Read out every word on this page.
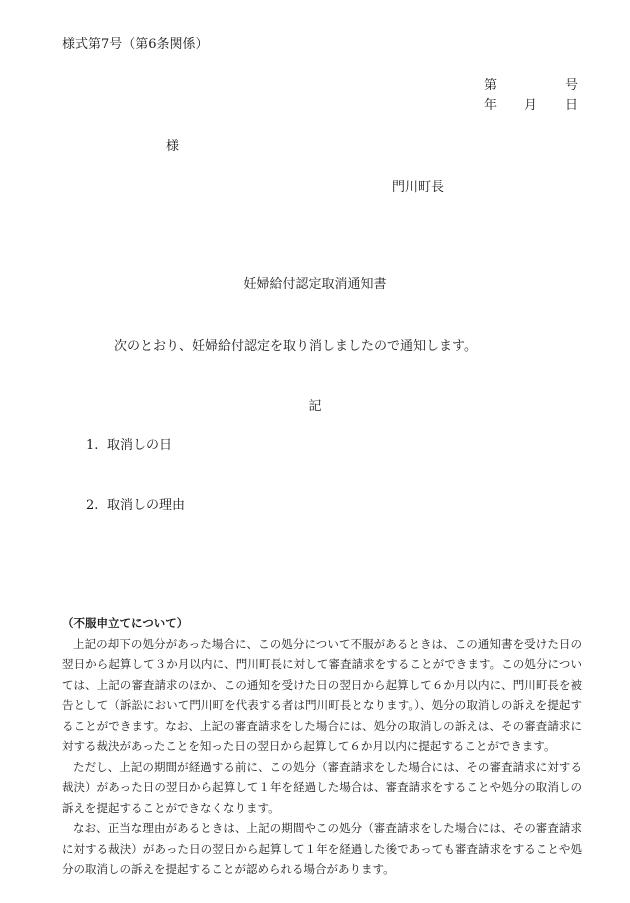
様式第7号（第6条関係）
第	号
年	月	日
様
門川町長
妊婦給付認定取消通知書
次のとおり、妊婦給付認定を取り消しましたので通知します。
記
1. 取消しの日
2. 取消しの理由
（不服申立てについて）

上記の却下の処分があった場合に、この処分について不服があるときは、この通知書を受けた日の翌日から起算して３か月以内に、門川町長に対して審査請求をすることができます。この処分については、上記の審査請求のほか、この通知を受けた日の翌日から起算して６か月以内に、門川町長を被告として（訴訟において門川町を代表する者は門川町長となります。）、処分の取消しの訴えを提起することができます。なお、上記の審査請求をした場合には、処分の取消しの訴えは、その審査請求に対する裁決があったことを知った日の翌日から起算して６か月以内に提起することができます。

ただし、上記の期間が経過する前に、この処分（審査請求をした場合には、その審査請求に対する裁決）があった日の翌日から起算して１年を経過した場合は、審査請求をすることや処分の取消しの訴えを提起することができなくなります。

なお、正当な理由があるときは、上記の期間やこの処分（審査請求をした場合には、その審査請求に対する裁決）があった日の翌日から起算して１年を経過した後であっても審査請求をすることや処分の取消しの訴えを提起することが認められる場合があります。
